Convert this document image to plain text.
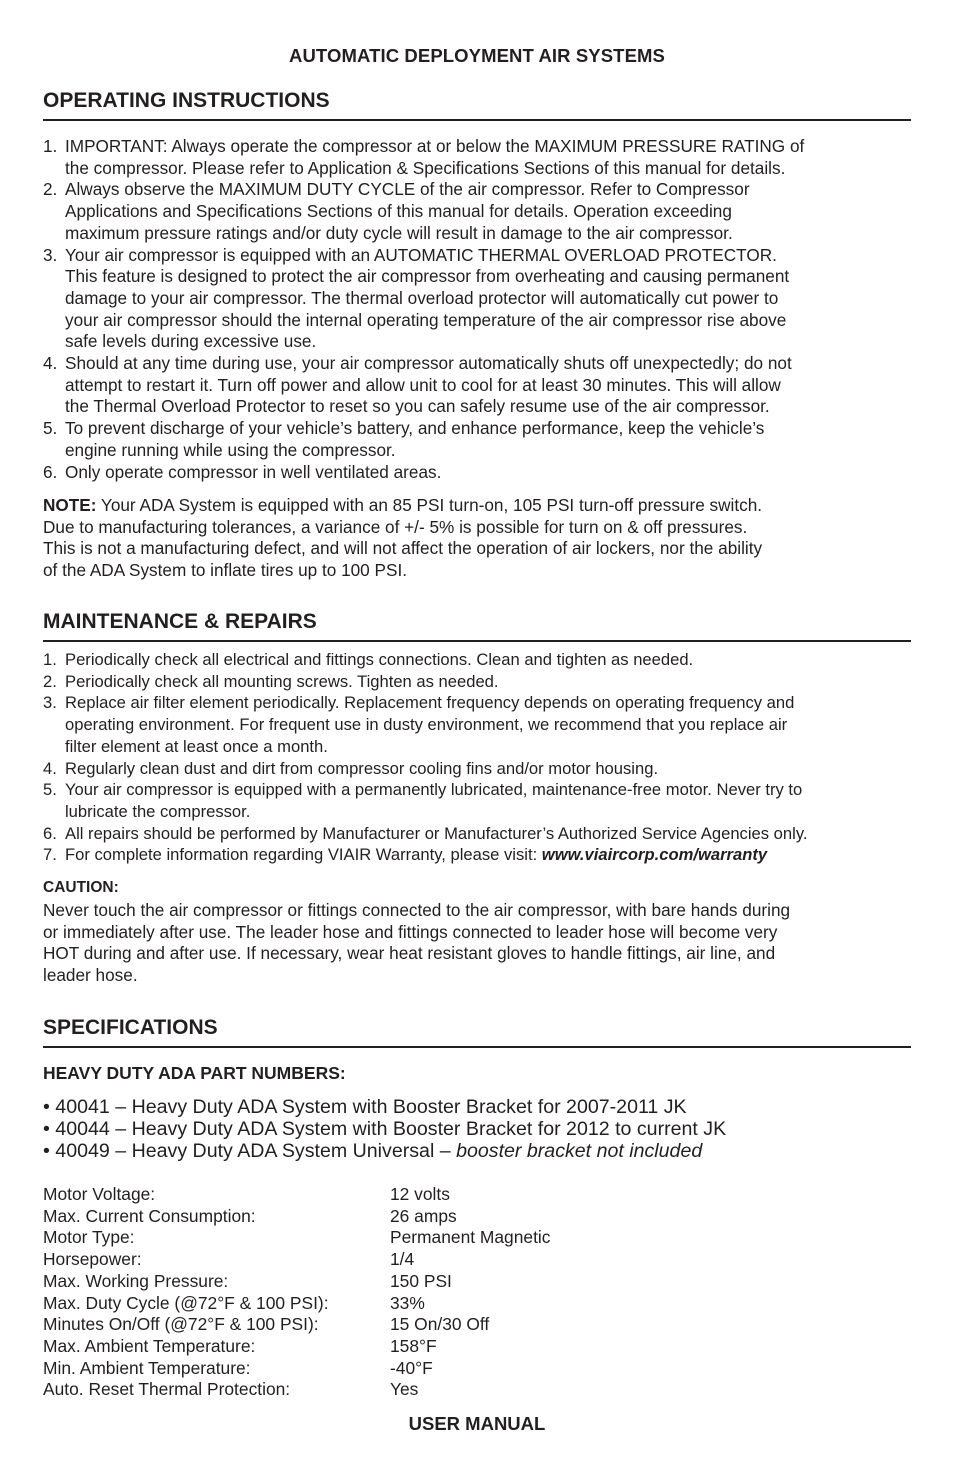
AUTOMATIC DEPLOYMENT AIR SYSTEMS
OPERATING INSTRUCTIONS
1. IMPORTANT: Always operate the compressor at or below the MAXIMUM PRESSURE RATING of
the compressor. Please refer to Application & Specifications Sections of this manual for details.
2. Always observe the MAXIMUM DUTY CYCLE of the air compressor. Refer to Compressor
Applications and Specifications Sections of this manual for details. Operation exceeding
maximum pressure ratings and/or duty cycle will result in damage to the air compressor.
3. Your air compressor is equipped with an AUTOMATIC THERMAL OVERLOAD PROTECTOR.
This feature is designed to protect the air compressor from overheating and causing permanent
damage to your air compressor. The thermal overload protector will automatically cut power to
your air compressor should the internal operating temperature of the air compressor rise above
safe levels during excessive use.
4. Should at any time during use, your air compressor automatically shuts off unexpectedly; do not
attempt to restart it. Turn off power and allow unit to cool for at least 30 minutes. This will allow
the Thermal Overload Protector to reset so you can safely resume use of the air compressor.
5. To prevent discharge of your vehicle’s battery, and enhance performance, keep the vehicle’s
engine running while using the compressor.
6. Only operate compressor in well ventilated areas.

NOTE: Your ADA System is equipped with an 85 PSI turn-on, 105 PSI turn-off pressure switch.
Due to manufacturing tolerances, a variance of +/- 5% is possible for turn on & off pressures.
This is not a manufacturing defect, and will not affect the operation of air lockers, nor the ability
of the ADA System to inflate tires up to 100 PSI.

MAINTENANCE & REPAIRS
1. Periodically check all electrical and fittings connections. Clean and tighten as needed.
2. Periodically check all mounting screws. Tighten as needed.
3. Replace air filter element periodically. Replacement frequency depends on operating frequency and
operating environment. For frequent use in dusty environment, we recommend that you replace air
filter element at least once a month.
4. Regularly clean dust and dirt from compressor cooling fins and/or motor housing.
5. Your air compressor is equipped with a permanently lubricated, maintenance-free motor. Never try to
lubricate the compressor.
6. All repairs should be performed by Manufacturer or Manufacturer’s Authorized Service Agencies only.
7. For complete information regarding VIAIR Warranty, please visit: www.viaircorp.com/warranty
CAUTION:

Never touch the air compressor or fittings connected to the air compressor, with bare hands during
or immediately after use. The leader hose and fittings connected to leader hose will become very
HOT during and after use. If necessary, wear heat resistant gloves to handle fittings, air line, and
leader hose.

SPECIFICATIONS
HEAVY DUTY ADA PART NUMBERS:
• 40041 – Heavy Duty ADA System with Booster Bracket for 2007-2011 JK
• 40044 – Heavy Duty ADA System with Booster Bracket for 2012 to current JK
• 40049 – Heavy Duty ADA System Universal – booster bracket not included
Motor Voltage:	12 volts
Max. Current Consumption:	26 amps
Motor Type:	Permanent Magnetic
Horsepower:	1/4
Max. Working Pressure:	150 PSI
Max. Duty Cycle (@72°F & 100 PSI):	33%
Minutes On/Off (@72°F & 100 PSI):	15 On/30 Off
Max. Ambient Temperature:	158°F
Min. Ambient Temperature:	-40°F
Auto. Reset Thermal Protection:	Yes
USER MANUAL
